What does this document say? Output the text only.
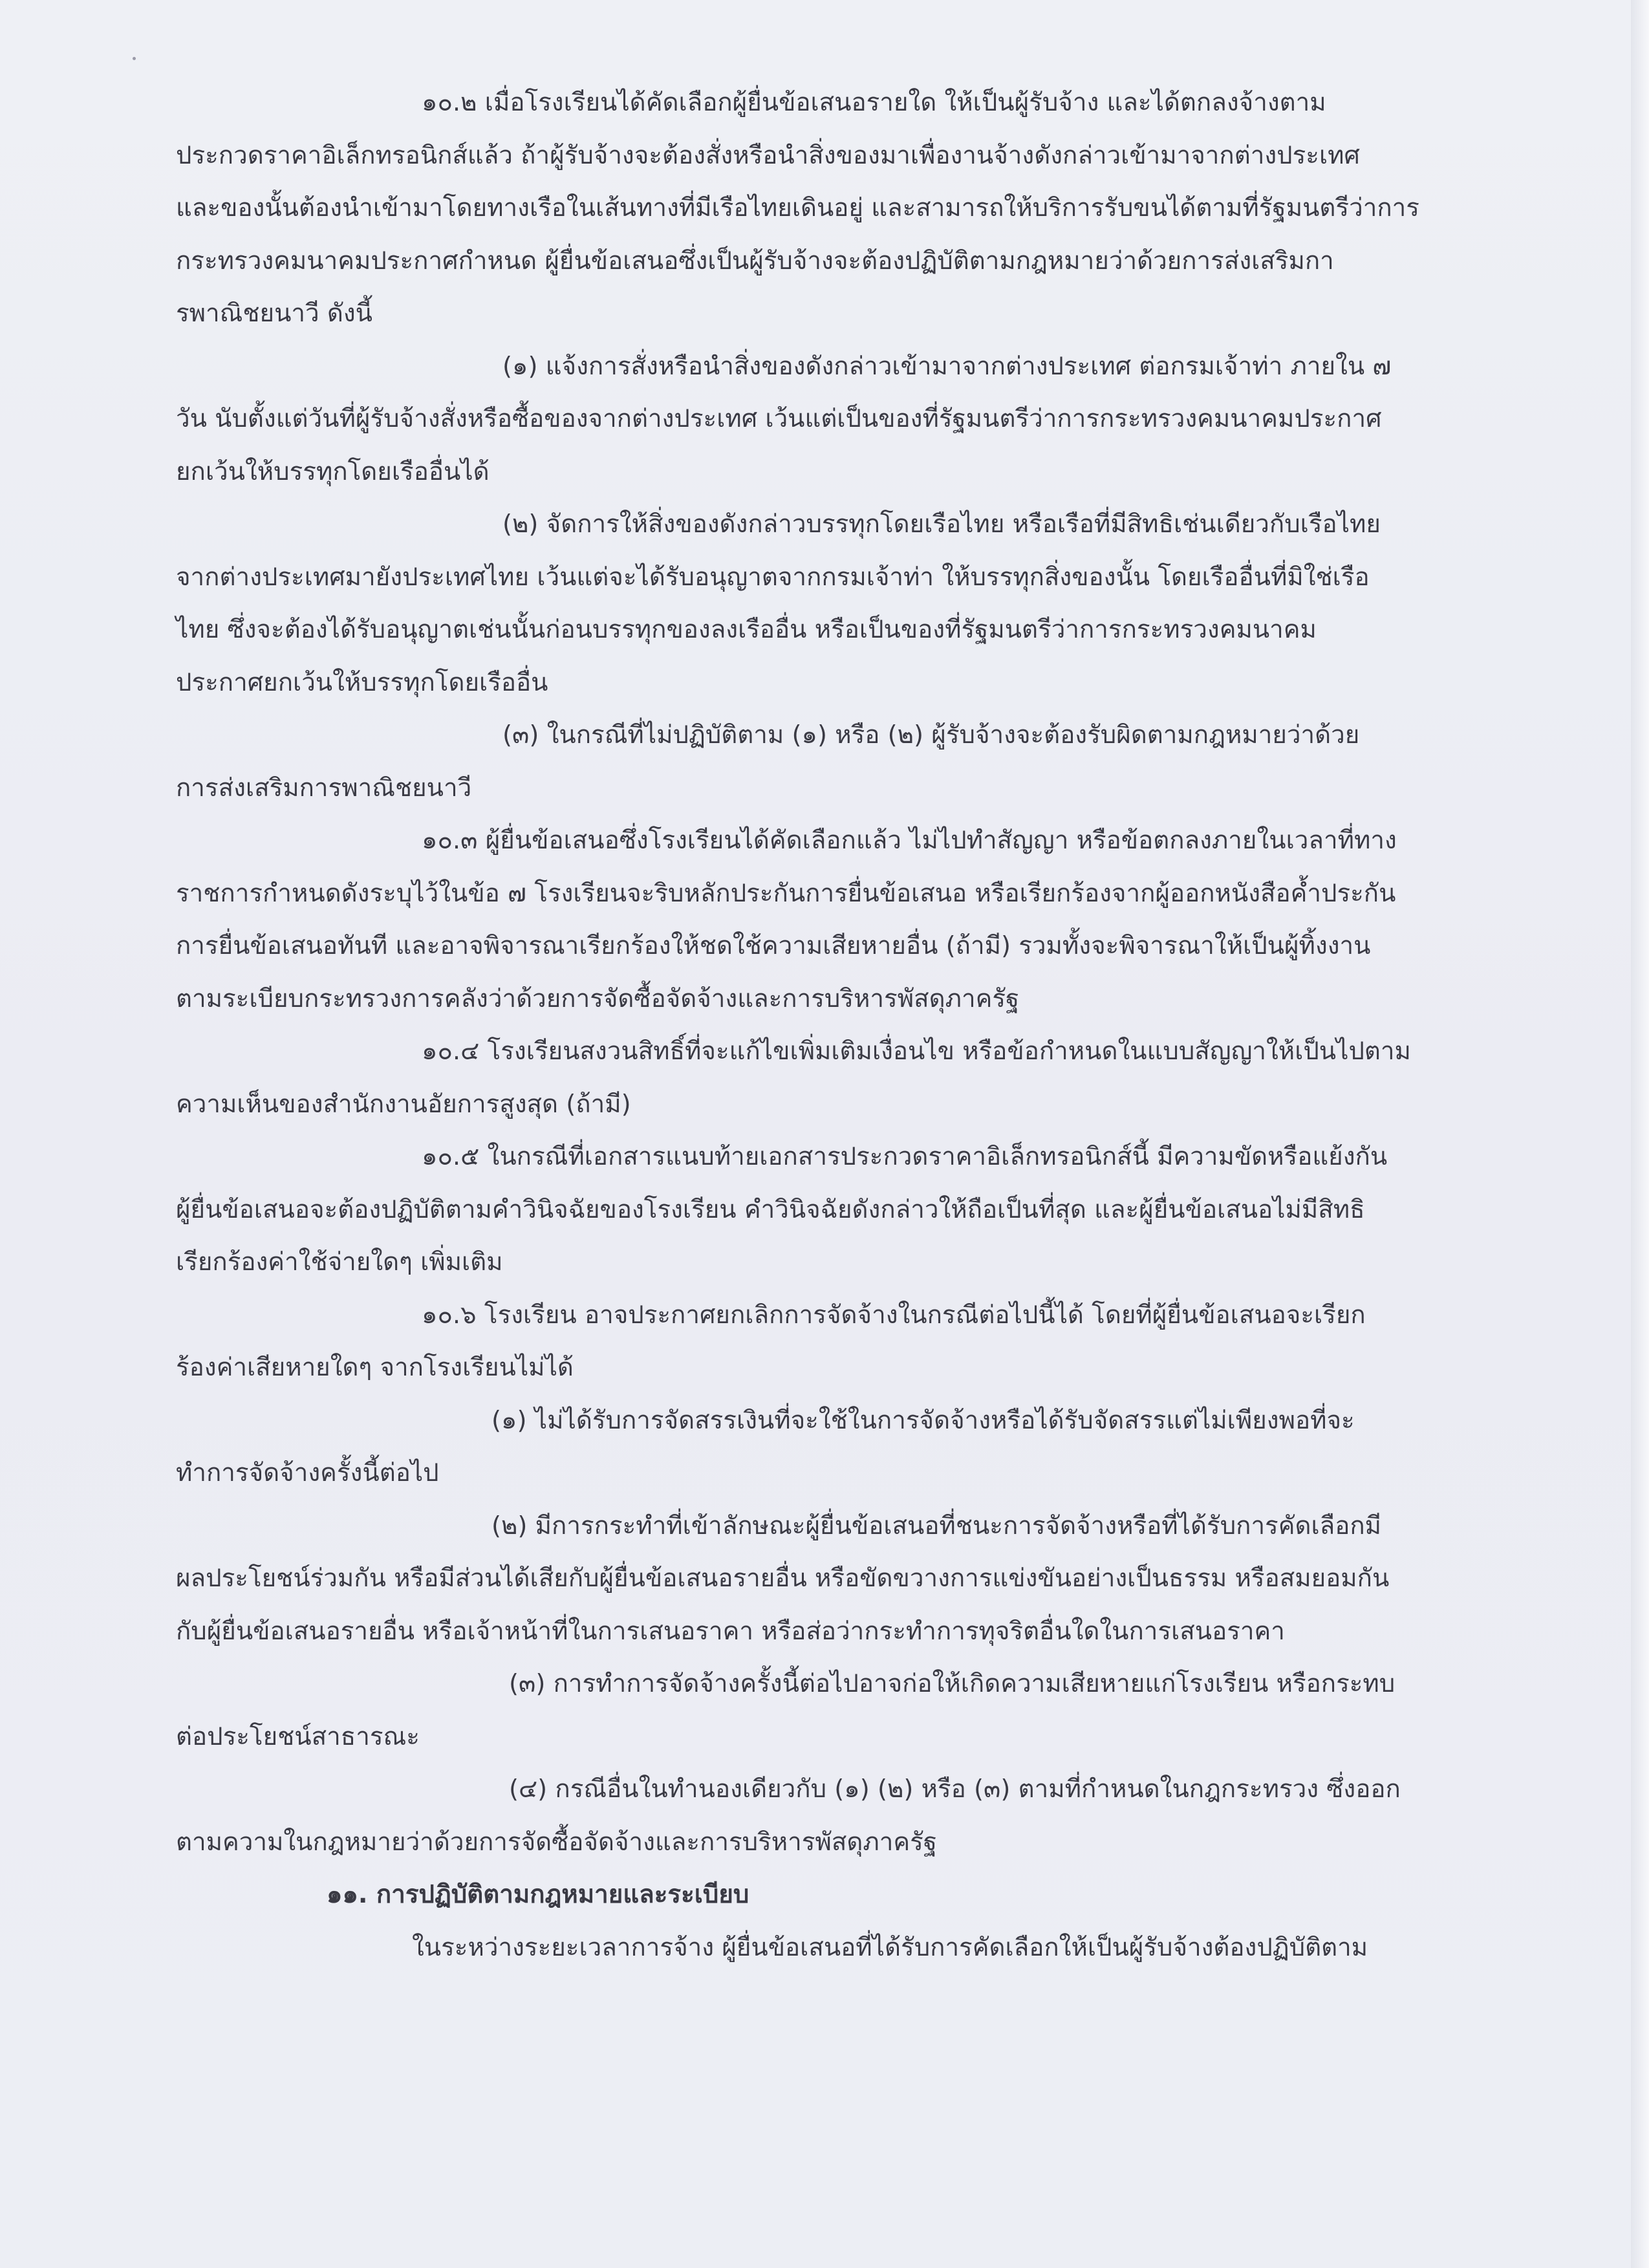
๑๐.๒ เมื่อโรงเรียนได้คัดเลือกผู้ยื่นข้อเสนอรายใด ให้เป็นผู้รับจ้าง และได้ตกลงจ้างตาม

ประกวดราคาอิเล็กทรอนิกส์แล้ว ถ้าผู้รับจ้างจะต้องสั่งหรือนำสิ่งของมาเพื่องานจ้างดังกล่าวเข้ามาจากต่างประเทศ

และของนั้นต้องนำเข้ามาโดยทางเรือในเส้นทางที่มีเรือไทยเดินอยู่ และสามารถให้บริการรับขนได้ตามที่รัฐมนตรีว่าการ

กระทรวงคมนาคมประกาศกำหนด ผู้ยื่นข้อเสนอซึ่งเป็นผู้รับจ้างจะต้องปฏิบัติตามกฎหมายว่าด้วยการส่งเสริมกา

รพาณิชยนาวี ดังนี้

(๑) แจ้งการสั่งหรือนำสิ่งของดังกล่าวเข้ามาจากต่างประเทศ ต่อกรมเจ้าท่า ภายใน ๗

วัน นับตั้งแต่วันที่ผู้รับจ้างสั่งหรือซื้อของจากต่างประเทศ เว้นแต่เป็นของที่รัฐมนตรีว่าการกระทรวงคมนาคมประกาศ

ยกเว้นให้บรรทุกโดยเรืออื่นได้

(๒) จัดการให้สิ่งของดังกล่าวบรรทุกโดยเรือไทย หรือเรือที่มีสิทธิเช่นเดียวกับเรือไทย

จากต่างประเทศมายังประเทศไทย เว้นแต่จะได้รับอนุญาตจากกรมเจ้าท่า ให้บรรทุกสิ่งของนั้น โดยเรืออื่นที่มิใช่เรือ

ไทย ซึ่งจะต้องได้รับอนุญาตเช่นนั้นก่อนบรรทุกของลงเรืออื่น หรือเป็นของที่รัฐมนตรีว่าการกระทรวงคมนาคม

ประกาศยกเว้นให้บรรทุกโดยเรืออื่น

(๓) ในกรณีที่ไม่ปฏิบัติตาม (๑) หรือ (๒) ผู้รับจ้างจะต้องรับผิดตามกฎหมายว่าด้วย

การส่งเสริมการพาณิชยนาวี

๑๐.๓ ผู้ยื่นข้อเสนอซึ่งโรงเรียนได้คัดเลือกแล้ว ไม่ไปทำสัญญา หรือข้อตกลงภายในเวลาที่ทาง

ราชการกำหนดดังระบุไว้ในข้อ ๗ โรงเรียนจะริบหลักประกันการยื่นข้อเสนอ หรือเรียกร้องจากผู้ออกหนังสือค้ำประกัน

การยื่นข้อเสนอทันที และอาจพิจารณาเรียกร้องให้ชดใช้ความเสียหายอื่น (ถ้ามี) รวมทั้งจะพิจารณาให้เป็นผู้ทิ้งงาน

ตามระเบียบกระทรวงการคลังว่าด้วยการจัดซื้อจัดจ้างและการบริหารพัสดุภาครัฐ

๑๐.๔ โรงเรียนสงวนสิทธิ์ที่จะแก้ไขเพิ่มเติมเงื่อนไข หรือข้อกำหนดในแบบสัญญาให้เป็นไปตาม

ความเห็นของสำนักงานอัยการสูงสุด (ถ้ามี)

๑๐.๕ ในกรณีที่เอกสารแนบท้ายเอกสารประกวดราคาอิเล็กทรอนิกส์นี้ มีความขัดหรือแย้งกัน

ผู้ยื่นข้อเสนอจะต้องปฏิบัติตามคำวินิจฉัยของโรงเรียน คำวินิจฉัยดังกล่าวให้ถือเป็นที่สุด และผู้ยื่นข้อเสนอไม่มีสิทธิ

เรียกร้องค่าใช้จ่ายใดๆ เพิ่มเติม

๑๐.๖ โรงเรียน อาจประกาศยกเลิกการจัดจ้างในกรณีต่อไปนี้ได้ โดยที่ผู้ยื่นข้อเสนอจะเรียก

ร้องค่าเสียหายใดๆ จากโรงเรียนไม่ได้

(๑) ไม่ได้รับการจัดสรรเงินที่จะใช้ในการจัดจ้างหรือได้รับจัดสรรแต่ไม่เพียงพอที่จะ

ทำการจัดจ้างครั้งนี้ต่อไป

(๒) มีการกระทำที่เข้าลักษณะผู้ยื่นข้อเสนอที่ชนะการจัดจ้างหรือที่ได้รับการคัดเลือกมี

ผลประโยชน์ร่วมกัน หรือมีส่วนได้เสียกับผู้ยื่นข้อเสนอรายอื่น หรือขัดขวางการแข่งขันอย่างเป็นธรรม หรือสมยอมกัน

กับผู้ยื่นข้อเสนอรายอื่น หรือเจ้าหน้าที่ในการเสนอราคา หรือส่อว่ากระทำการทุจริตอื่นใดในการเสนอราคา

(๓) การทำการจัดจ้างครั้งนี้ต่อไปอาจก่อให้เกิดความเสียหายแก่โรงเรียน หรือกระทบ

ต่อประโยชน์สาธารณะ

(๔) กรณีอื่นในทำนองเดียวกับ (๑) (๒) หรือ (๓) ตามที่กำหนดในกฎกระทรวง ซึ่งออก

ตามความในกฎหมายว่าด้วยการจัดซื้อจัดจ้างและการบริหารพัสดุภาครัฐ

๑๑. การปฏิบัติตามกฎหมายและระเบียบ

ในระหว่างระยะเวลาการจ้าง ผู้ยื่นข้อเสนอที่ได้รับการคัดเลือกให้เป็นผู้รับจ้างต้องปฏิบัติตาม
